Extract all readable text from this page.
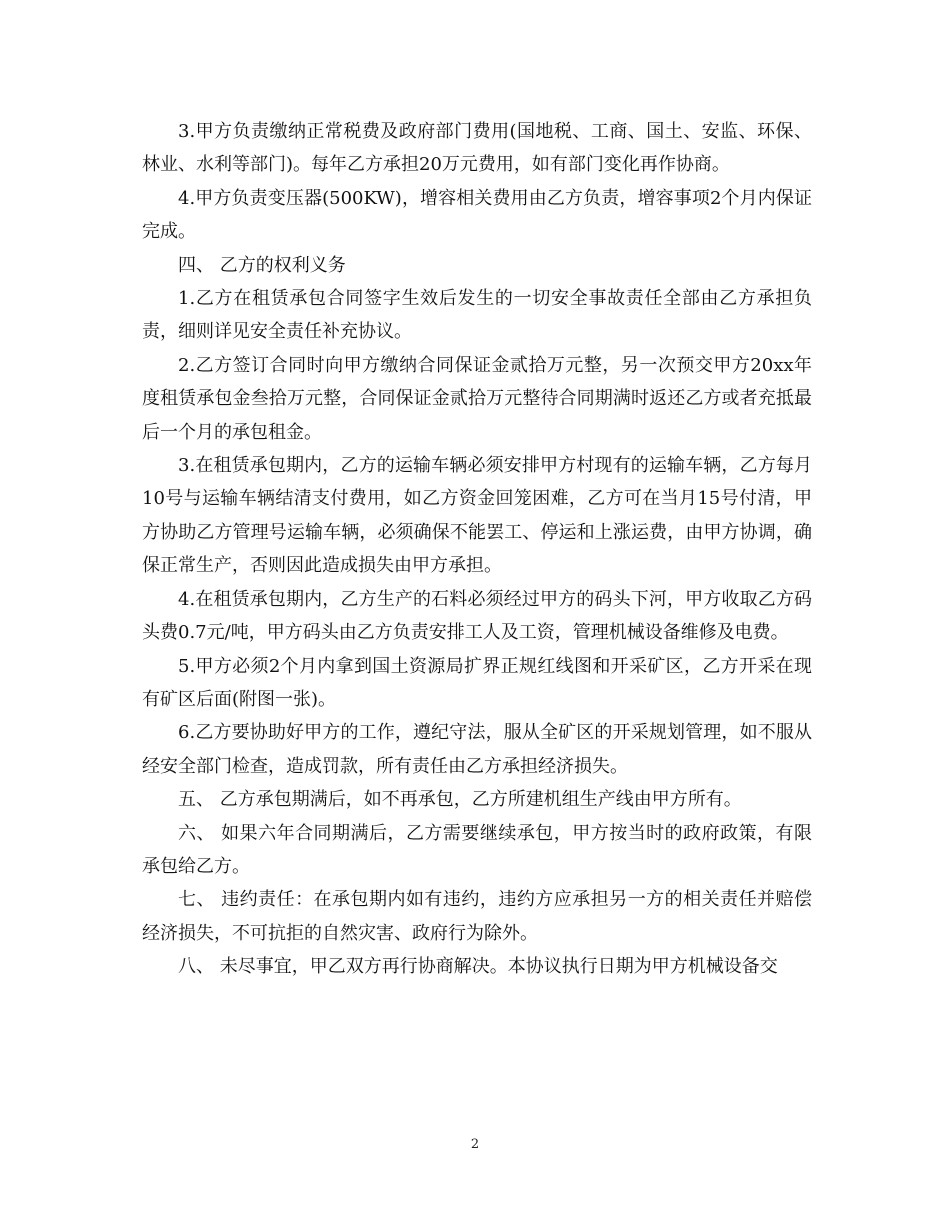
3.甲方负责缴纳正常税费及政府部门费用(国地税、工商、国土、安监、环保、林业、水利等部门)。每年乙方承担20万元费用，如有部门变化再作协商。

4.甲方负责变压器(500KW)，增容相关费用由乙方负责，增容事项2个月内保证完成。

四、 乙方的权利义务

1.乙方在租赁承包合同签字生效后发生的一切安全事故责任全部由乙方承担负责，细则详见安全责任补充协议。

2.乙方签订合同时向甲方缴纳合同保证金贰拾万元整，另一次预交甲方20xx年度租赁承包金叁拾万元整，合同保证金贰拾万元整待合同期满时返还乙方或者充抵最后一个月的承包租金。

3.在租赁承包期内，乙方的运输车辆必须安排甲方村现有的运输车辆，乙方每月10号与运输车辆结清支付费用，如乙方资金回笼困难，乙方可在当月15号付清，甲方协助乙方管理号运输车辆，必须确保不能罢工、停运和上涨运费，由甲方协调，确保正常生产，否则因此造成损失由甲方承担。

4.在租赁承包期内，乙方生产的石料必须经过甲方的码头下河，甲方收取乙方码头费0.7元/吨，甲方码头由乙方负责安排工人及工资，管理机械设备维修及电费。

5.甲方必须2个月内拿到国土资源局扩界正规红线图和开采矿区，乙方开采在现有矿区后面(附图一张)。

6.乙方要协助好甲方的工作，遵纪守法，服从全矿区的开采规划管理，如不服从经安全部门检查，造成罚款，所有责任由乙方承担经济损失。

五、 乙方承包期满后，如不再承包，乙方所建机组生产线由甲方所有。

六、 如果六年合同期满后，乙方需要继续承包，甲方按当时的政府政策，有限承包给乙方。

七、 违约责任：在承包期内如有违约，违约方应承担另一方的相关责任并赔偿经济损失，不可抗拒的自然灾害、政府行为除外。

八、 未尽事宜，甲乙双方再行协商解决。本协议执行日期为甲方机械设备交

2
